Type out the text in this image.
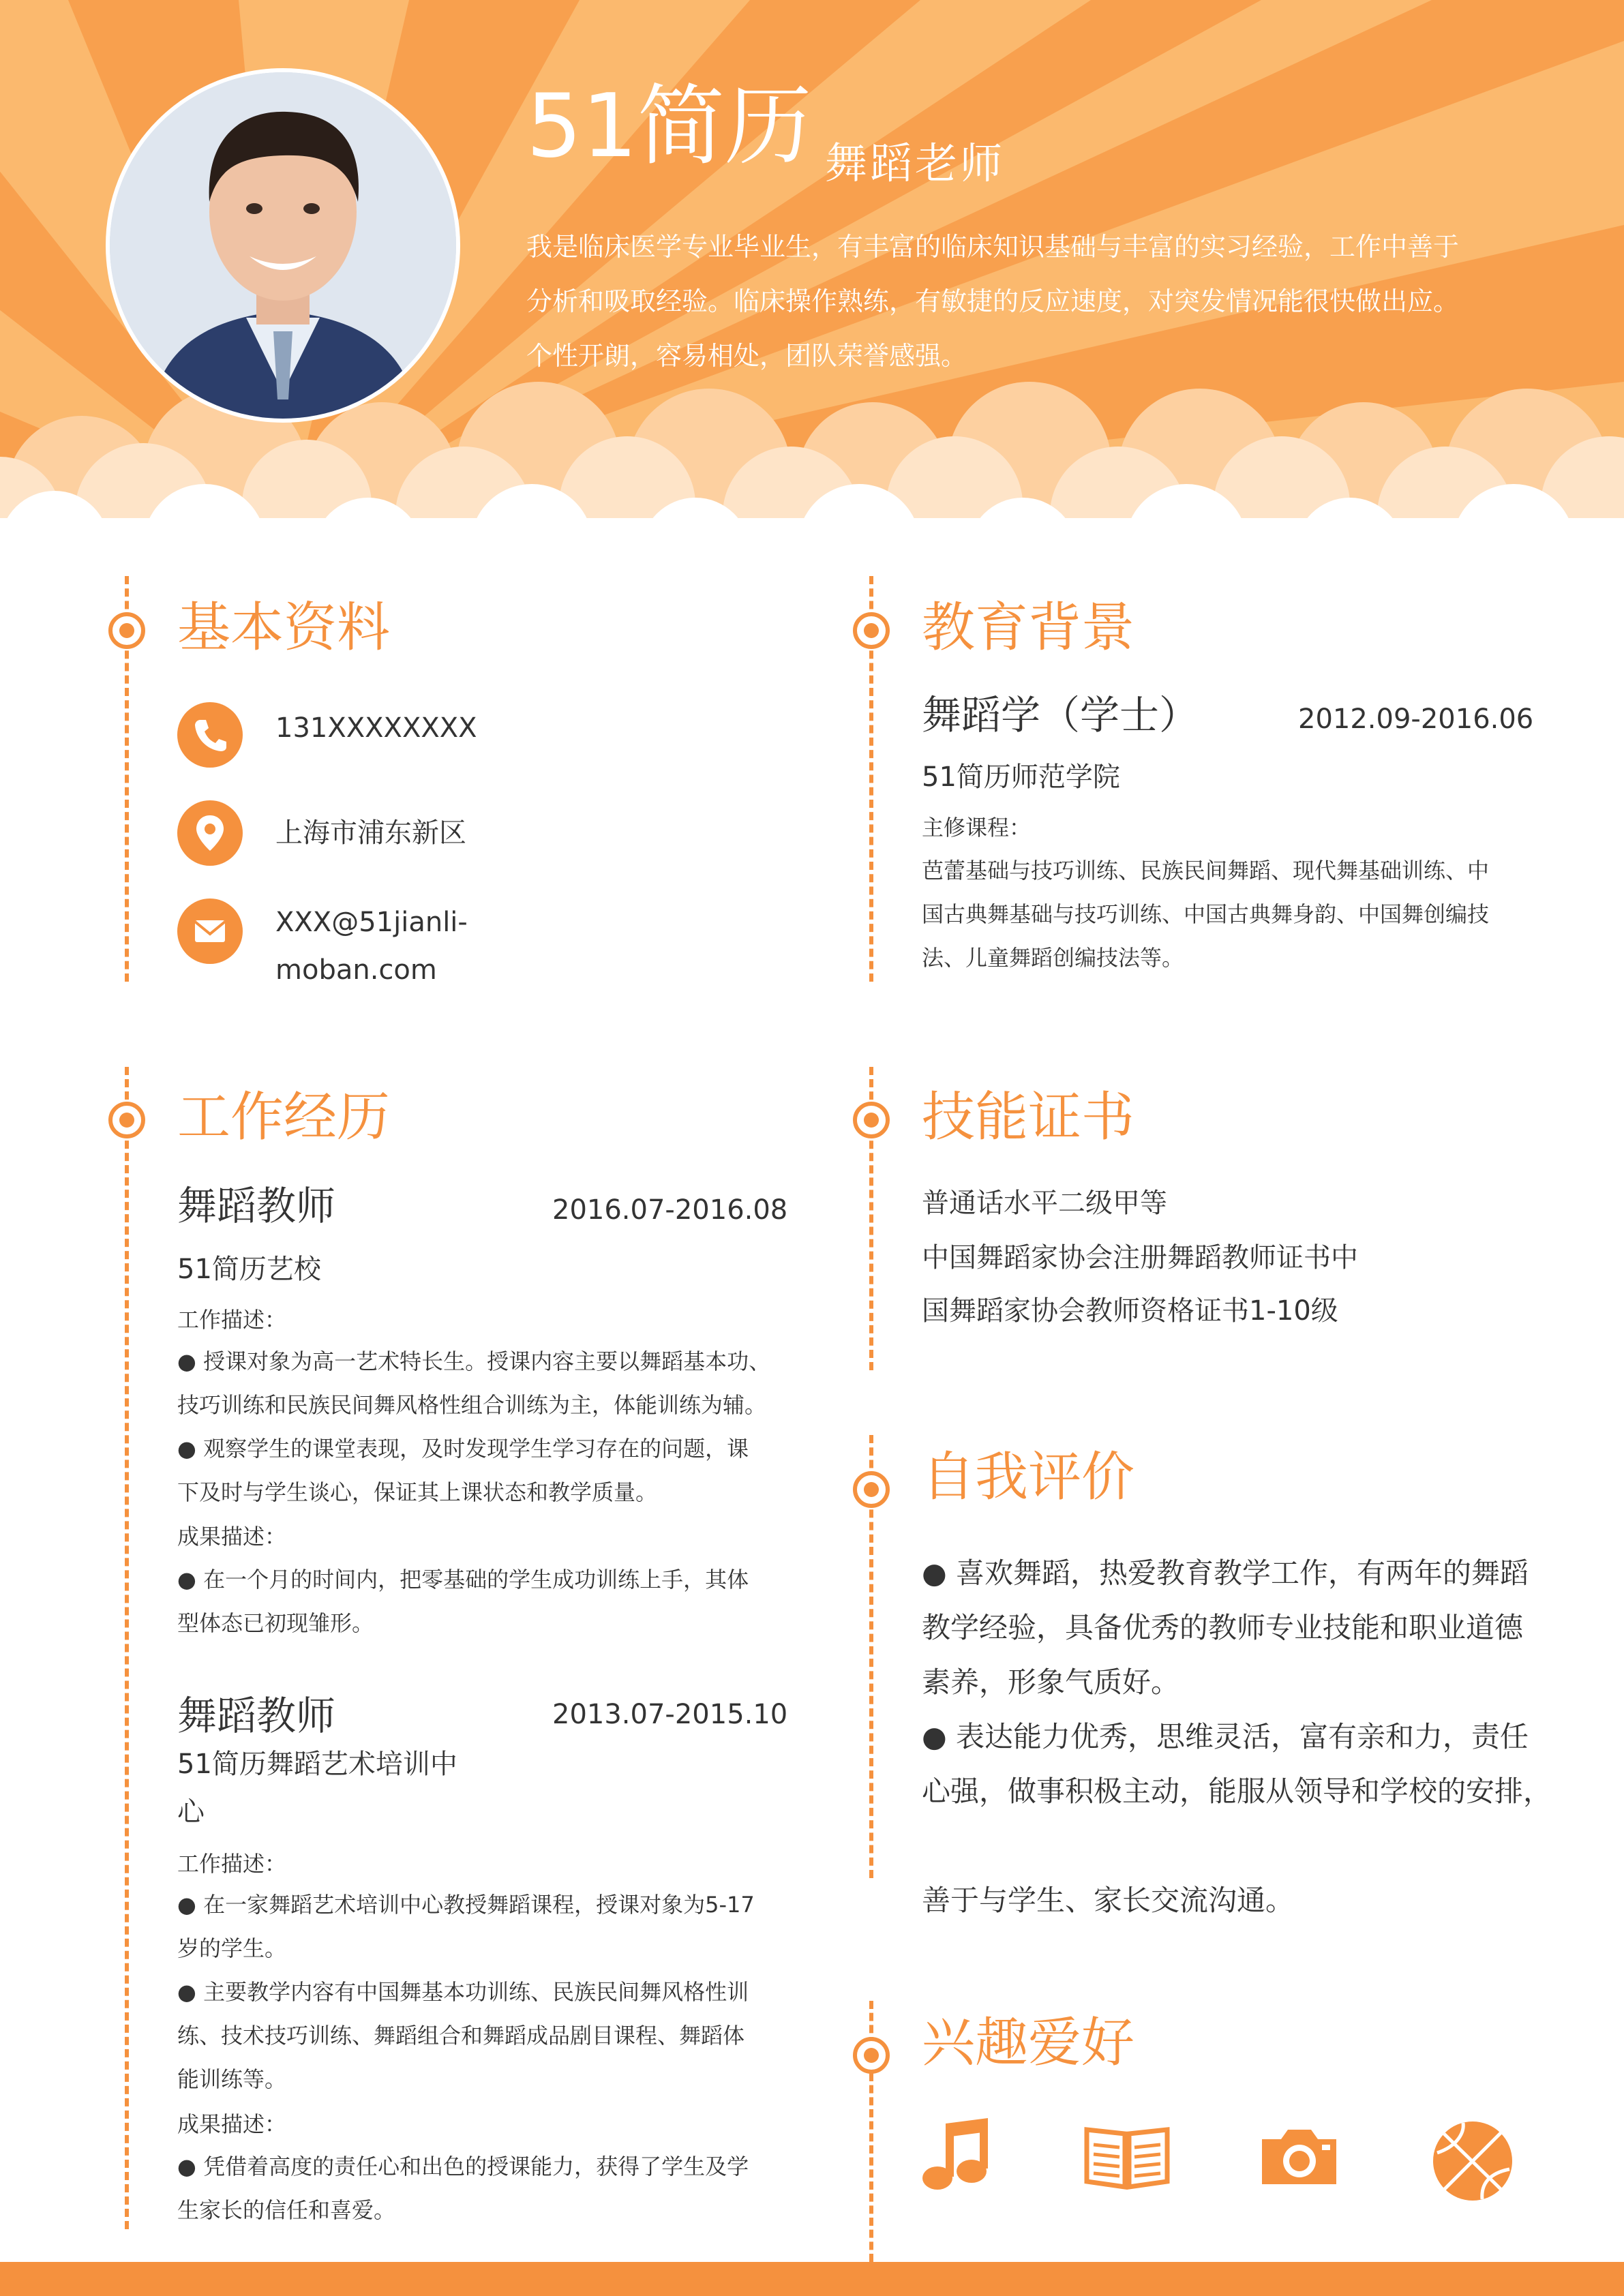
51简历 舞蹈老师

我是临床医学专业毕业生，有丰富的临床知识基础与丰富的实习经验，工作中善于

分析和吸取经验。临床操作熟练，有敏捷的反应速度，对突发情况能很快做出应。

个性开朗，容易相处，团队荣誉感强。

基本资料
131XXXXXXXX
上海市浦东新区
XXX@51jianli-
moban.com
工作经历
舞蹈教师	2016.07-2016.08
51简历艺校
工作描述：

● 授课对象为高一艺术特长生。授课内容主要以舞蹈基本功、

技巧训练和民族民间舞风格性组合训练为主，体能训练为辅。

● 观察学生的课堂表现，及时发现学生学习存在的问题，课

下及时与学生谈心，保证其上课状态和教学质量。

成果描述：

● 在一个月的时间内，把零基础的学生成功训练上手，其体

型体态已初现雏形。

舞蹈教师	2013.07-2015.10
51简历舞蹈艺术培训中
心
工作描述：

● 在一家舞蹈艺术培训中心教授舞蹈课程，授课对象为5-17

岁的学生。

● 主要教学内容有中国舞基本功训练、民族民间舞风格性训

练、技术技巧训练、舞蹈组合和舞蹈成品剧目课程、舞蹈体

能训练等。

成果描述：

● 凭借着高度的责任心和出色的授课能力，获得了学生及学

生家长的信任和喜爱。

教育背景
舞蹈学（学士）	2012.09-2016.06
51简历师范学院
主修课程：

芭蕾基础与技巧训练、民族民间舞蹈、现代舞基础训练、中

国古典舞基础与技巧训练、中国古典舞身韵、中国舞创编技

法、儿童舞蹈创编技法等。

技能证书
普通话水平二级甲等
中国舞蹈家协会注册舞蹈教师证书中
国舞蹈家协会教师资格证书1-10级
自我评价

● 喜欢舞蹈，热爱教育教学工作，有两年的舞蹈

教学经验，具备优秀的教师专业技能和职业道德

素养，形象气质好。

● 表达能力优秀，思维灵活，富有亲和力，责任

心强，做事积极主动，能服从领导和学校的安排，

善于与学生、家长交流沟通。

兴趣爱好
